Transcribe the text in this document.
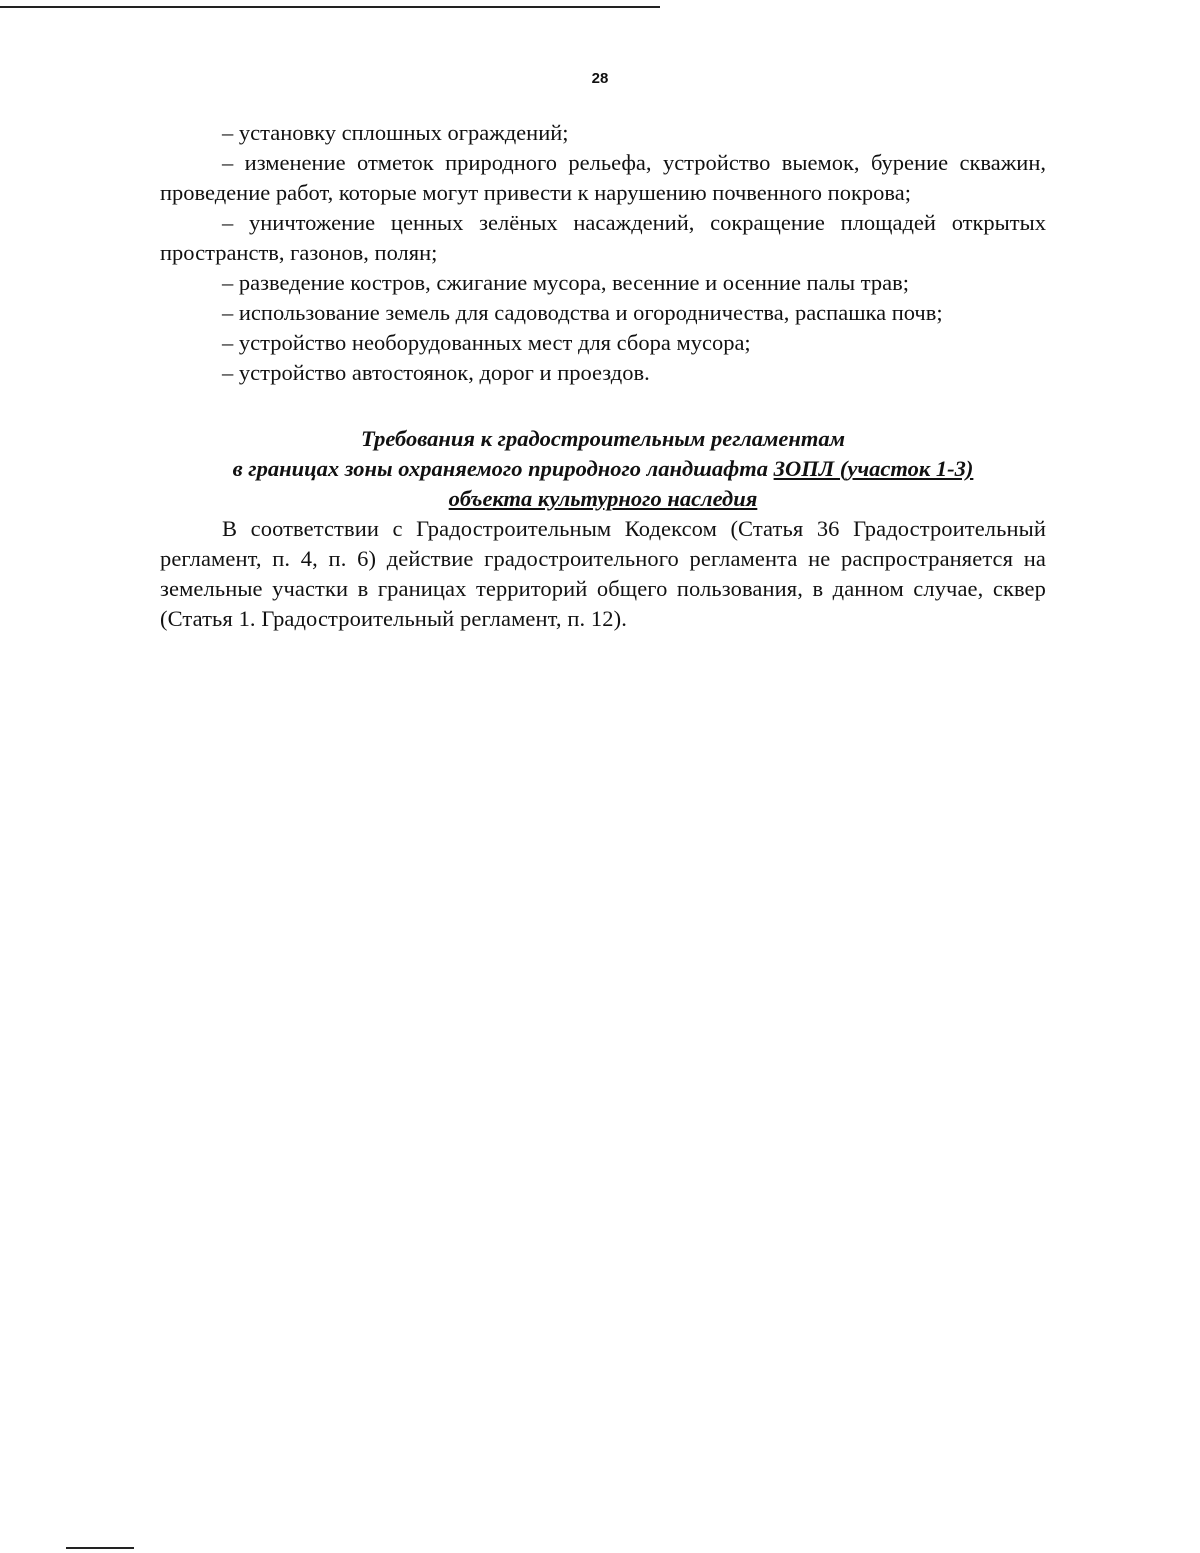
28

– установку сплошных ограждений;

– изменение отметок природного рельефа, устройство выемок, бурение скважин, проведение работ, которые могут привести к нарушению почвенного покрова;

– уничтожение ценных зелёных насаждений, сокращение площадей открытых пространств, газонов, полян;

– разведение костров, сжигание мусора, весенние и осенние палы трав;

– использование земель для садоводства и огородничества, распашка почв;

– устройство необорудованных мест для сбора мусора;

– устройство автостоянок, дорог и проездов.

Требования к градостроительным регламентам
в границах зоны охраняемого природного ландшафта ЗОПЛ (участок 1-3)
объекта культурного наследия

В соответствии с Градостроительным Кодексом (Статья 36 Градостроительный регламент, п. 4, п. 6) действие градостроительного регламента не распространяется на земельные участки в границах территорий общего пользования, в данном случае, сквер (Статья 1. Градостроительный регламент, п. 12).
